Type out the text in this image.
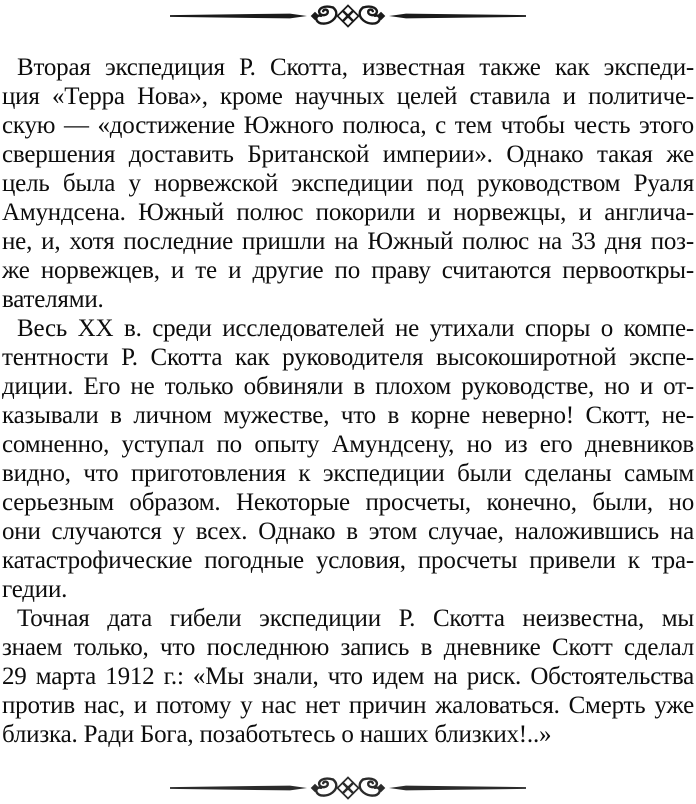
Вторая экспедиция Р. Скотта, известная также как экспеди-
ция «Терра Нова», кроме научных целей ставила и политиче-
скую — «достижение Южного полюса, с тем чтобы честь этого
свершения доставить Британской империи». Однако такая же
цель была у норвежской экспедиции под руководством Руаля
Амундсена. Южный полюс покорили и норвежцы, и англича-
не, и, хотя последние пришли на Южный полюс на 33 дня поз-
же норвежцев, и те и другие по праву считаются первооткры-
вателями.
Весь XX в. среди исследователей не утихали споры о компе-
тентности Р. Скотта как руководителя высокоширотной экспе-
диции. Его не только обвиняли в плохом руководстве, но и от-
казывали в личном мужестве, что в корне неверно! Скотт, не-
сомненно, уступал по опыту Амундсену, но из его дневников
видно, что приготовления к экспедиции были сделаны самым
серьезным образом. Некоторые просчеты, конечно, были, но
они случаются у всех. Однако в этом случае, наложившись на
катастрофические погодные условия, просчеты привели к тра-
гедии.
Точная дата гибели экспедиции Р. Скотта неизвестна, мы
знаем только, что последнюю запись в дневнике Скотт сделал
29 марта 1912 г.: «Мы знали, что идем на риск. Обстоятельства
против нас, и потому у нас нет причин жаловаться. Смерть уже
близка. Ради Бога, позаботьтесь о наших близких!..»
